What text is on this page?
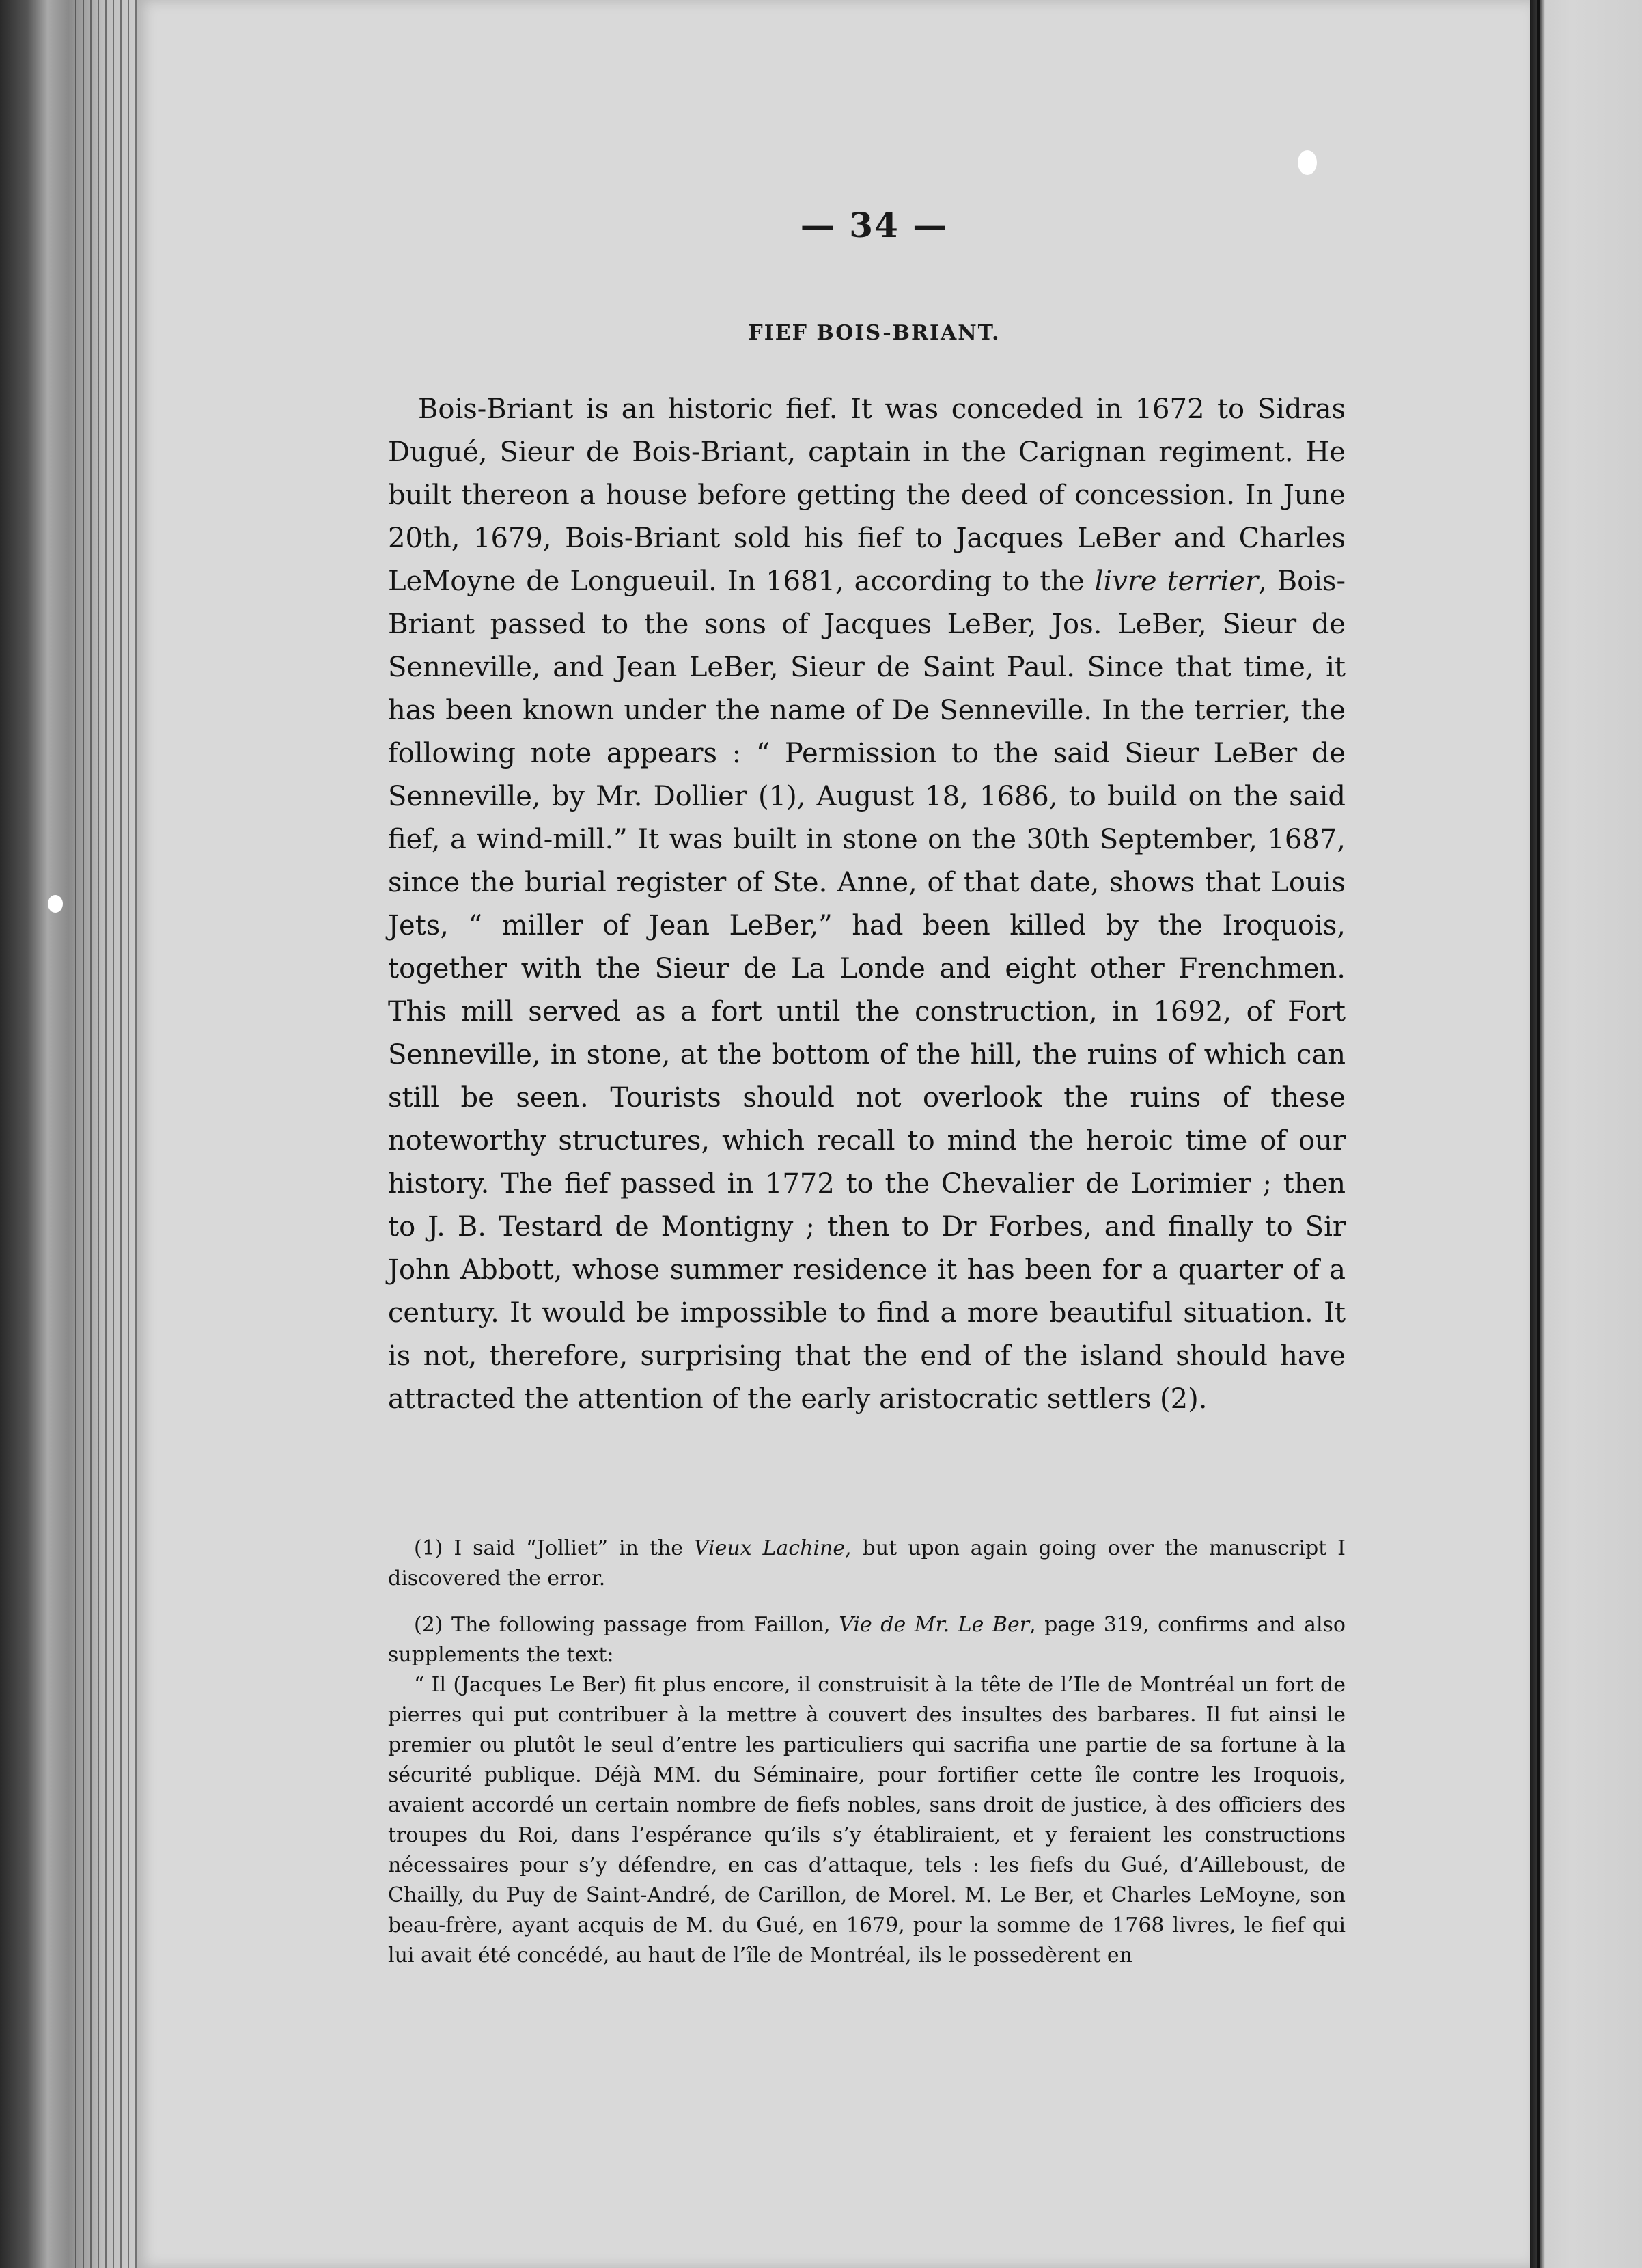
— 34 —
FIEF BOIS-BRIANT.

Bois-Briant is an historic fief. It was conceded in 1672 to Sidras Dugué, Sieur de Bois-Briant, captain in the Carignan regiment. He built thereon a house before getting the deed of concession. In June 20th, 1679, Bois-Briant sold his fief to Jacques LeBer and Charles LeMoyne de Longueuil. In 1681, according to the livre terrier, Bois-Briant passed to the sons of Jacques LeBer, Jos. LeBer, Sieur de Senneville, and Jean LeBer, Sieur de Saint Paul. Since that time, it has been known under the name of De Senneville. In the terrier, the following note appears : “ Permission to the said Sieur LeBer de Senneville, by Mr. Dollier (1), August 18, 1686, to build on the said fief, a wind-mill.” It was built in stone on the 30th September, 1687, since the burial register of Ste. Anne, of that date, shows that Louis Jets, “ miller of Jean LeBer,” had been killed by the Iroquois, together with the Sieur de La Londe and eight other Frenchmen. This mill served as a fort until the construction, in 1692, of Fort Senneville, in stone, at the bottom of the hill, the ruins of which can still be seen. Tourists should not overlook the ruins of these noteworthy structures, which recall to mind the heroic time of our history. The fief passed in 1772 to the Chevalier de Lorimier ; then to J. B. Testard de Montigny ; then to Dr Forbes, and finally to Sir John Abbott, whose summer residence it has been for a quarter of a century. It would be impossible to find a more beautiful situation. It is not, therefore, surprising that the end of the island should have attracted the attention of the early aristocratic settlers (2).

(1) I said “Jolliet” in the Vieux Lachine, but upon again going over the manuscript I discovered the error.

(2) The following passage from Faillon, Vie de Mr. Le Ber, page 319, confirms and also supplements the text:

“ Il (Jacques Le Ber) fit plus encore, il construisit à la tête de l’Ile de Montréal un fort de pierres qui put contribuer à la mettre à couvert des insultes des barbares. Il fut ainsi le premier ou plutôt le seul d’entre les particuliers qui sacrifia une partie de sa fortune à la sécurité publique. Déjà MM. du Séminaire, pour fortifier cette île contre les Iroquois, avaient accordé un certain nombre de fiefs nobles, sans droit de justice, à des officiers des troupes du Roi, dans l’espérance qu’ils s’y établiraient, et y feraient les constructions nécessaires pour s’y défendre, en cas d’attaque, tels : les fiefs du Gué, d’Ailleboust, de Chailly, du Puy de Saint-André, de Carillon, de Morel. M. Le Ber, et Charles LeMoyne, son beau-frère, ayant acquis de M. du Gué, en 1679, pour la somme de 1768 livres, le fief qui lui avait été concédé, au haut de l’île de Montréal, ils le possedèrent en
